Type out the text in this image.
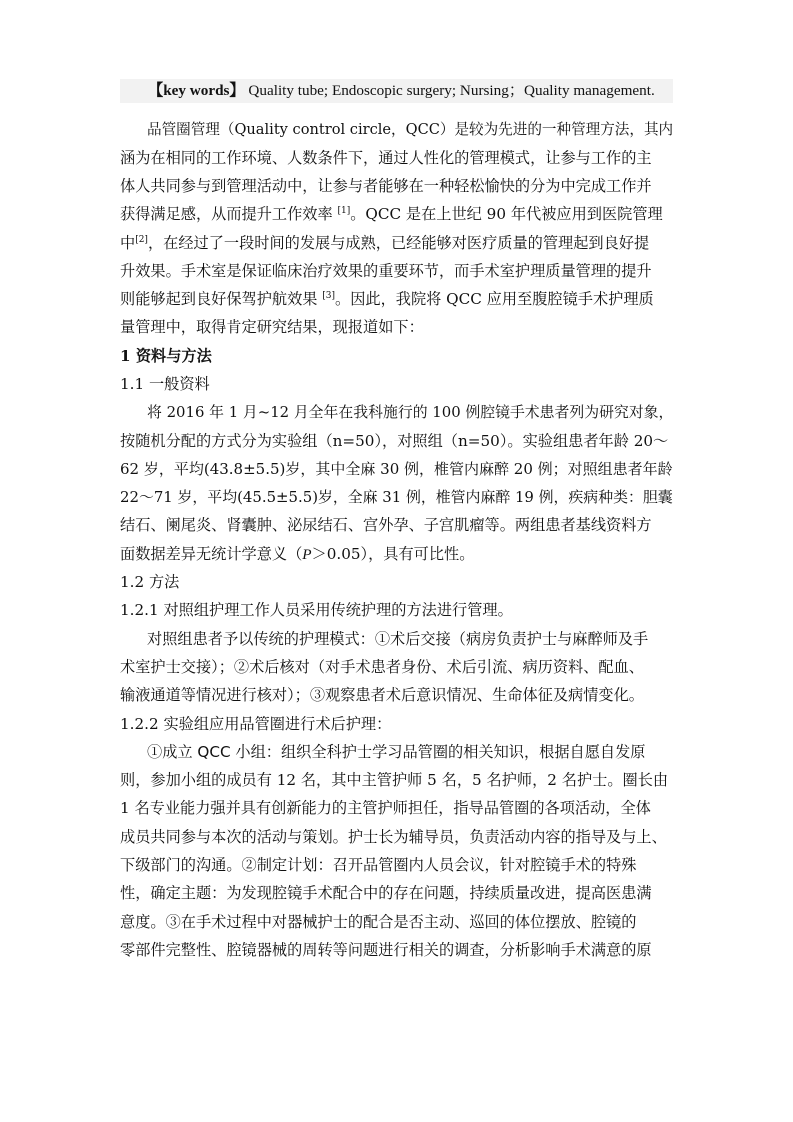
【key words】 Quality tube; Endoscopic surgery; Nursing；Quality management.
品管圈管理（Quality control circle，QCC）是较为先进的一种管理方法，其内
涵为在相同的工作环境、人数条件下，通过人性化的管理模式，让参与工作的主
体人共同参与到管理活动中，让参与者能够在一种轻松愉快的分为中完成工作并
获得满足感，从而提升工作效率 [1]。QCC 是在上世纪 90 年代被应用到医院管理
中[2]，在经过了一段时间的发展与成熟，已经能够对医疗质量的管理起到良好提
升效果。手术室是保证临床治疗效果的重要环节，而手术室护理质量管理的提升
则能够起到良好保驾护航效果 [3]。因此，我院将 QCC 应用至腹腔镜手术护理质
量管理中，取得肯定研究结果，现报道如下：
1 资料与方法
1.1 一般资料
将 2016 年 1 月~12 月全年在我科施行的 100 例腔镜手术患者列为研究对象，
按随机分配的方式分为实验组（n=50），对照组（n=50）。实验组患者年龄 20～
62 岁，平均(43.8±5.5)岁，其中全麻 30 例，椎管内麻醉 20 例；对照组患者年龄
22～71 岁，平均(45.5±5.5)岁，全麻 31 例，椎管内麻醉 19 例，疾病种类：胆囊
结石、阑尾炎、肾囊肿、泌尿结石、宫外孕、子宫肌瘤等。两组患者基线资料方
面数据差异无统计学意义（P＞0.05），具有可比性。
1.2 方法
1.2.1 对照组护理工作人员采用传统护理的方法进行管理。
对照组患者予以传统的护理模式：①术后交接（病房负责护士与麻醉师及手
术室护士交接）；②术后核对（对手术患者身份、术后引流、病历资料、配血、
输液通道等情况进行核对）；③观察患者术后意识情况、生命体征及病情变化。
1.2.2 实验组应用品管圈进行术后护理：
①成立 QCC 小组：组织全科护士学习品管圈的相关知识，根据自愿自发原
则，参加小组的成员有 12 名，其中主管护师 5 名，5 名护师，2 名护士。圈长由
1 名专业能力强并具有创新能力的主管护师担任，指导品管圈的各项活动，全体
成员共同参与本次的活动与策划。护士长为辅导员，负责活动内容的指导及与上、
下级部门的沟通。②制定计划：召开品管圈内人员会议，针对腔镜手术的特殊
性，确定主题：为发现腔镜手术配合中的存在问题，持续质量改进，提高医患满
意度。③在手术过程中对器械护士的配合是否主动、巡回的体位摆放、腔镜的
零部件完整性、腔镜器械的周转等问题进行相关的调查，分析影响手术满意的原
